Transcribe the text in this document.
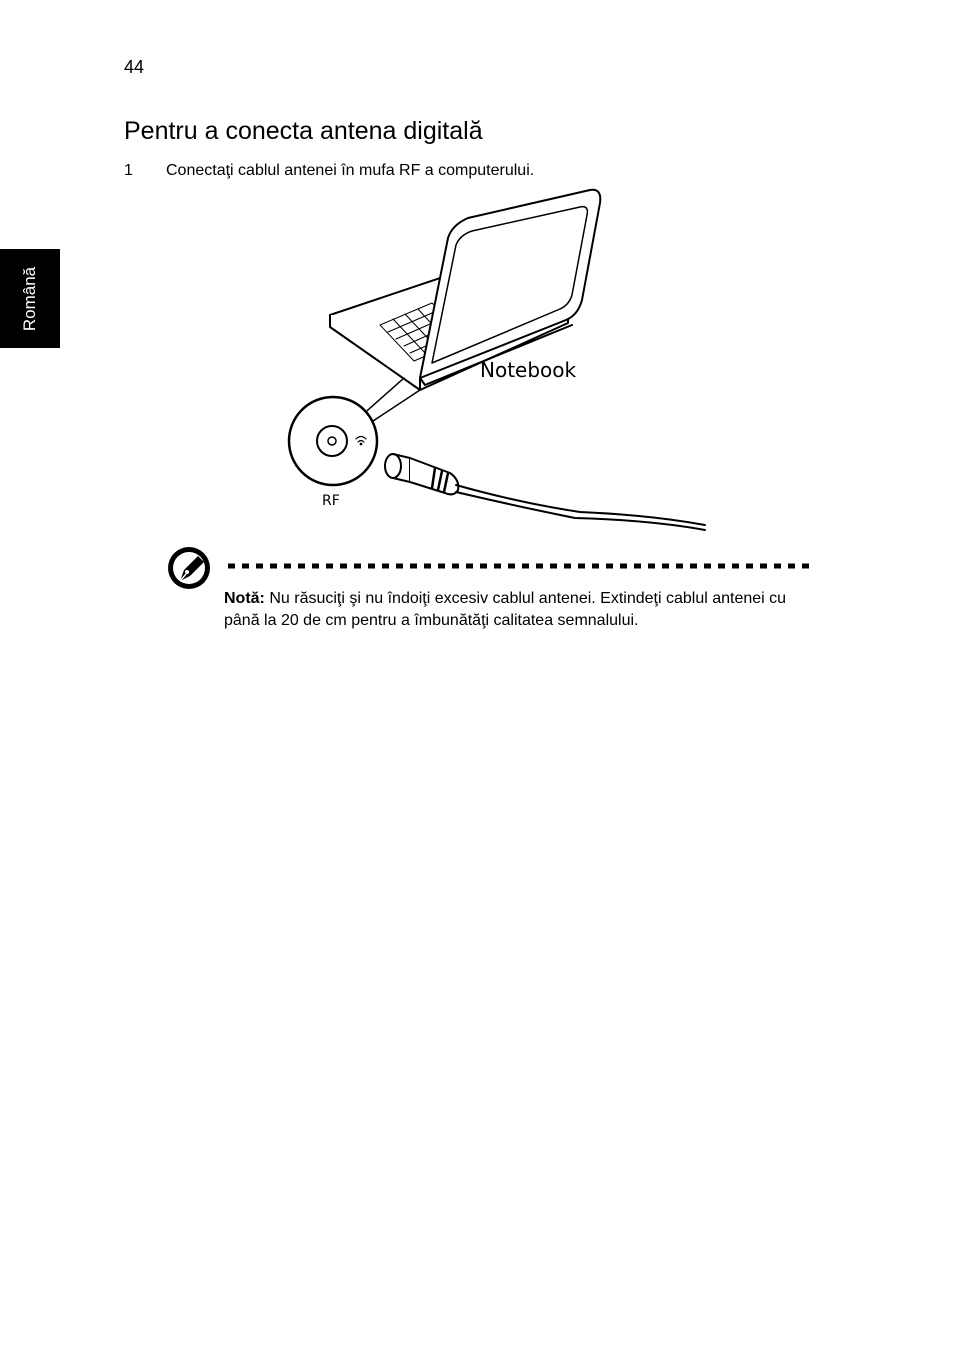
44
Română
Pentru a conecta antena digitală
1 Conectaţi cablul antenei în mufa RF a computerului.
Notebook
RF
Notă: Nu răsuciţi şi nu îndoiţi excesiv cablul antenei. Extindeţi cablul antenei cu până la 20 de cm pentru a îmbunătăţi calitatea semnalului.
